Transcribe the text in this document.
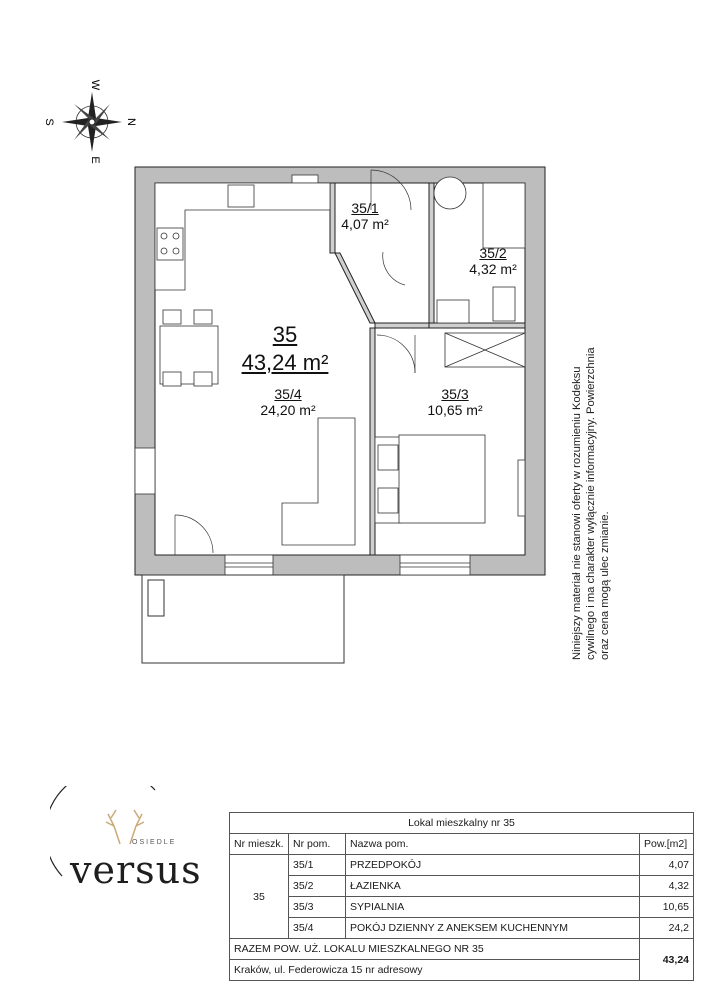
W
S	N
E
35
43,24 m²
35/1
4,07 m²
35/2
4,32 m²
35/3
10,65 m²
35/4
24,20 m²	Niniejszy materiał nie stanowi oferty w rozumieniu Kodeksu cywilnego i ma charakter wyłącznie informacyjny. Powierzchnia oraz cena mogą ulec zmianie.

OSIEDLE
versus
Lokal mieszkalny nr 35			
Nr mieszk.	Nr pom.	Nazwa pom.	Pow.[m2]
35	35/1	PRZEDPOKÓJ	4,07
	35/2	ŁAZIENKA	4,32
	35/3	SYPIALNIA	10,65
	35/4	POKÓJ DZIENNY Z ANEKSEM KUCHENNYM	24,2
RAZEM POW. UŻ. LOKALU MIESZKALNEGO NR 35			43,24
Kraków, ul. Federowicza 15 nr adresowy			
